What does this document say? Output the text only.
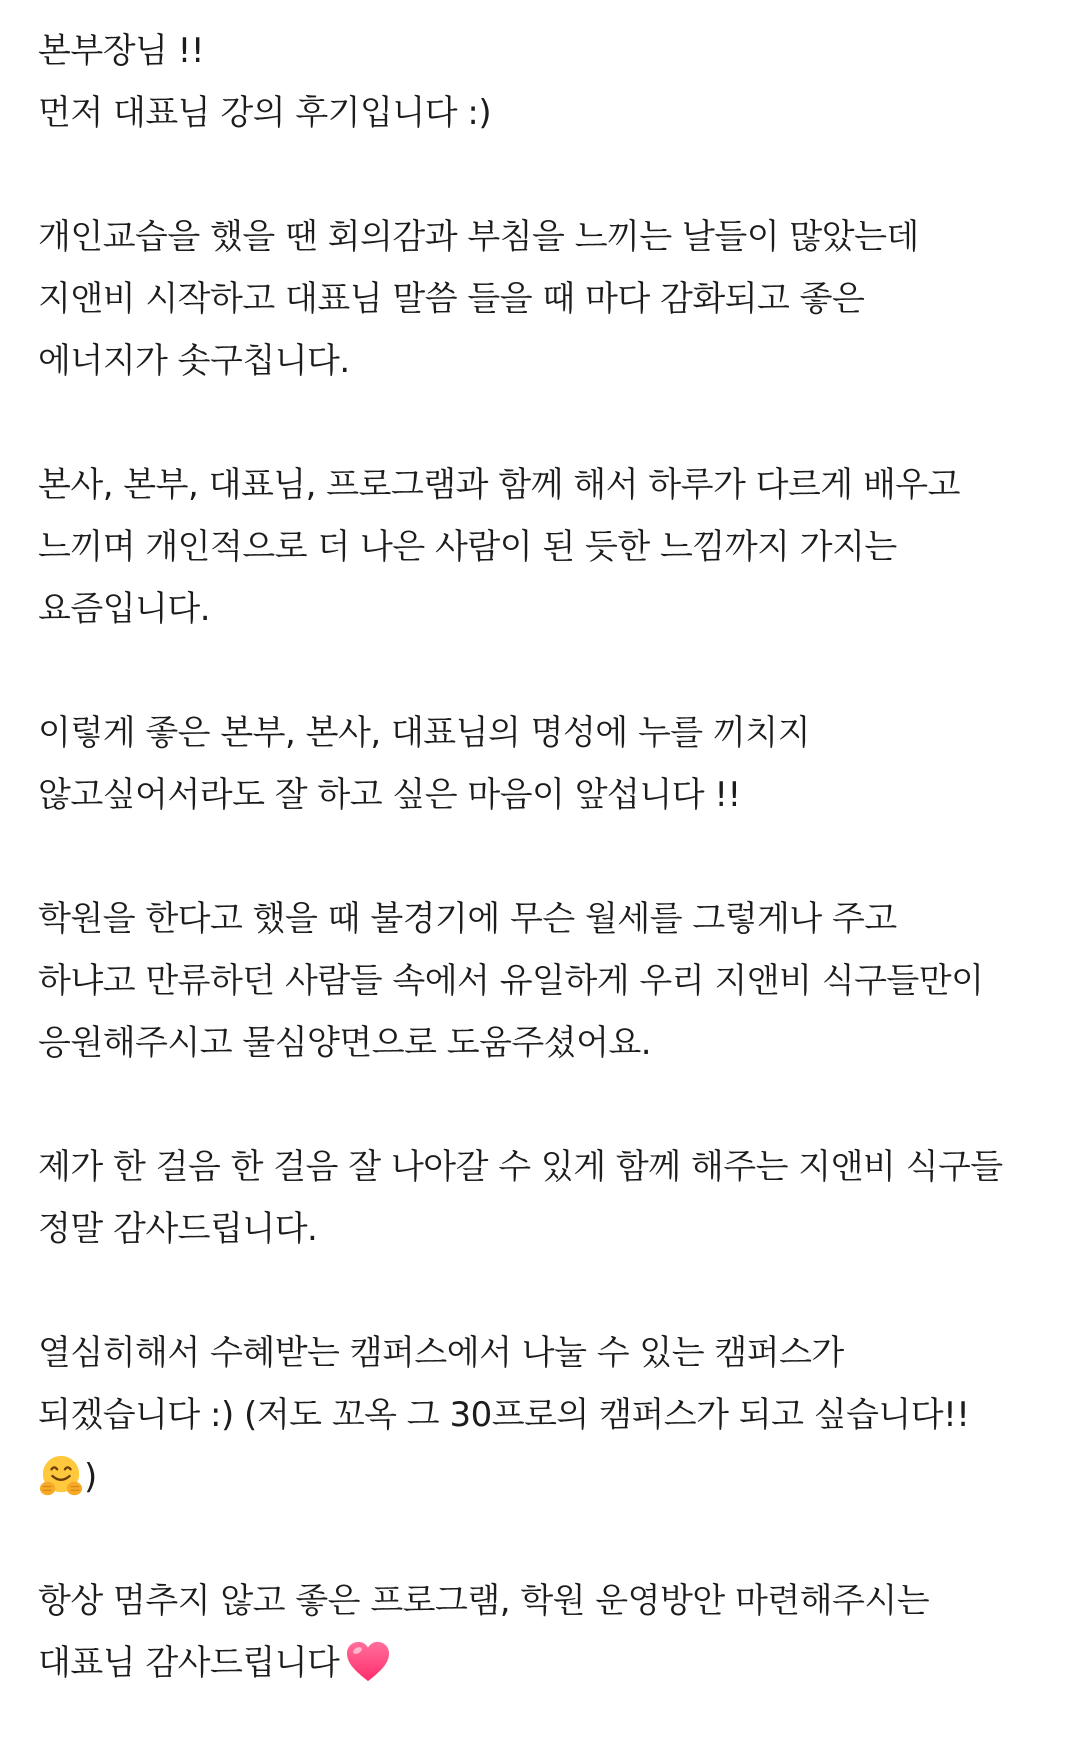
본부장님 !!
먼저 대표님 강의 후기입니다 :)
개인교습을 했을 땐 회의감과 부침을 느끼는 날들이 많았는데
지앤비 시작하고 대표님 말씀 들을 때 마다 감화되고 좋은
에너지가 솟구칩니다.
본사, 본부, 대표님, 프로그램과 함께 해서 하루가 다르게 배우고
느끼며 개인적으로 더 나은 사람이 된 듯한 느낌까지 가지는
요즘입니다.
이렇게 좋은 본부, 본사, 대표님의 명성에 누를 끼치지
않고싶어서라도 잘 하고 싶은 마음이 앞섭니다 !!
학원을 한다고 했을 때 불경기에 무슨 월세를 그렇게나 주고
하냐고 만류하던 사람들 속에서 유일하게 우리 지앤비 식구들만이
응원해주시고 물심양면으로 도움주셨어요.
제가 한 걸음 한 걸음 잘 나아갈 수 있게 함께 해주는 지앤비 식구들
정말 감사드립니다.
열심히해서 수혜받는 캠퍼스에서 나눌 수 있는 캠퍼스가
되겠습니다 :) (저도 꼬옥 그 30프로의 캠퍼스가 되고 싶습니다!!
)
항상 멈추지 않고 좋은 프로그램, 학원 운영방안 마련해주시는
대표님 감사드립니다
